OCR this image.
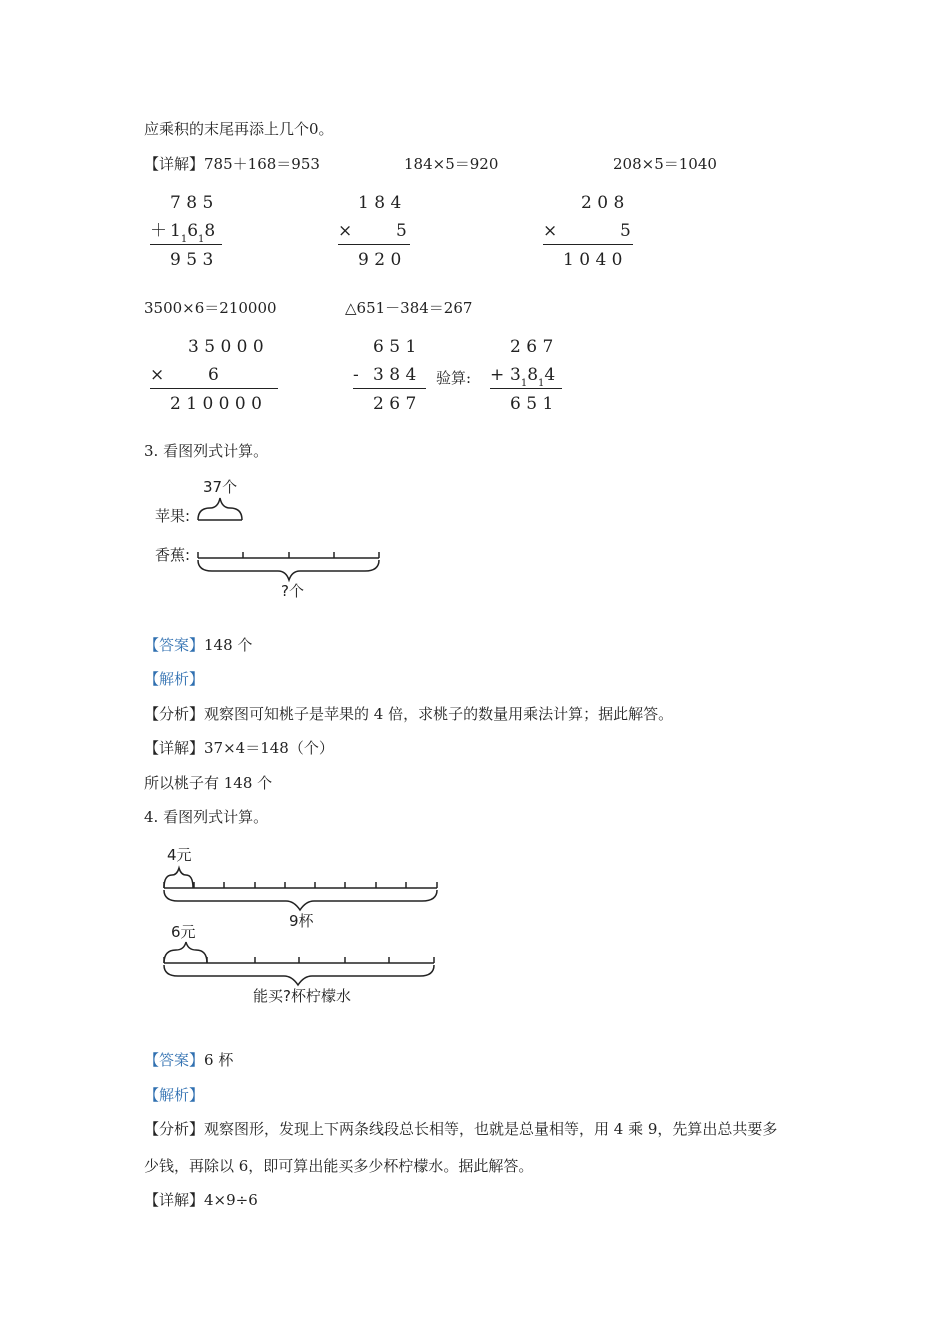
应乘积的末尾再添上几个0。
【详解】785＋168＝953	184×5＝920	208×5＝1040
7 8 5
＋ $1_16_18$
9 5 3
1 8 4
×	5
9 2 0
2 0 8
×	5
1 0 4 0
3500×6＝210000	△651－384＝267
3 5 0 0 0
×	6
2 1 0 0 0 0
6 5 1
- 3 8 4
2 6 7
验算:
2 6 7
+ $3_18_14$
6 5 1
3. 看图列式计算。
37个
苹果:
香蕉:
?个
【答案】148 个
【解析】
【分析】观察图可知桃子是苹果的 4 倍，求桃子的数量用乘法计算；据此解答。
【详解】37×4＝148（个）
所以桃子有 148 个
4. 看图列式计算。
4元
9杯
6元
能买?杯柠檬水
【答案】6 杯
【解析】
【分析】观察图形，发现上下两条线段总长相等，也就是总量相等，用 4 乘 9，先算出总共要多
少钱，再除以 6，即可算出能买多少杯柠檬水。据此解答。
【详解】4×9÷6
